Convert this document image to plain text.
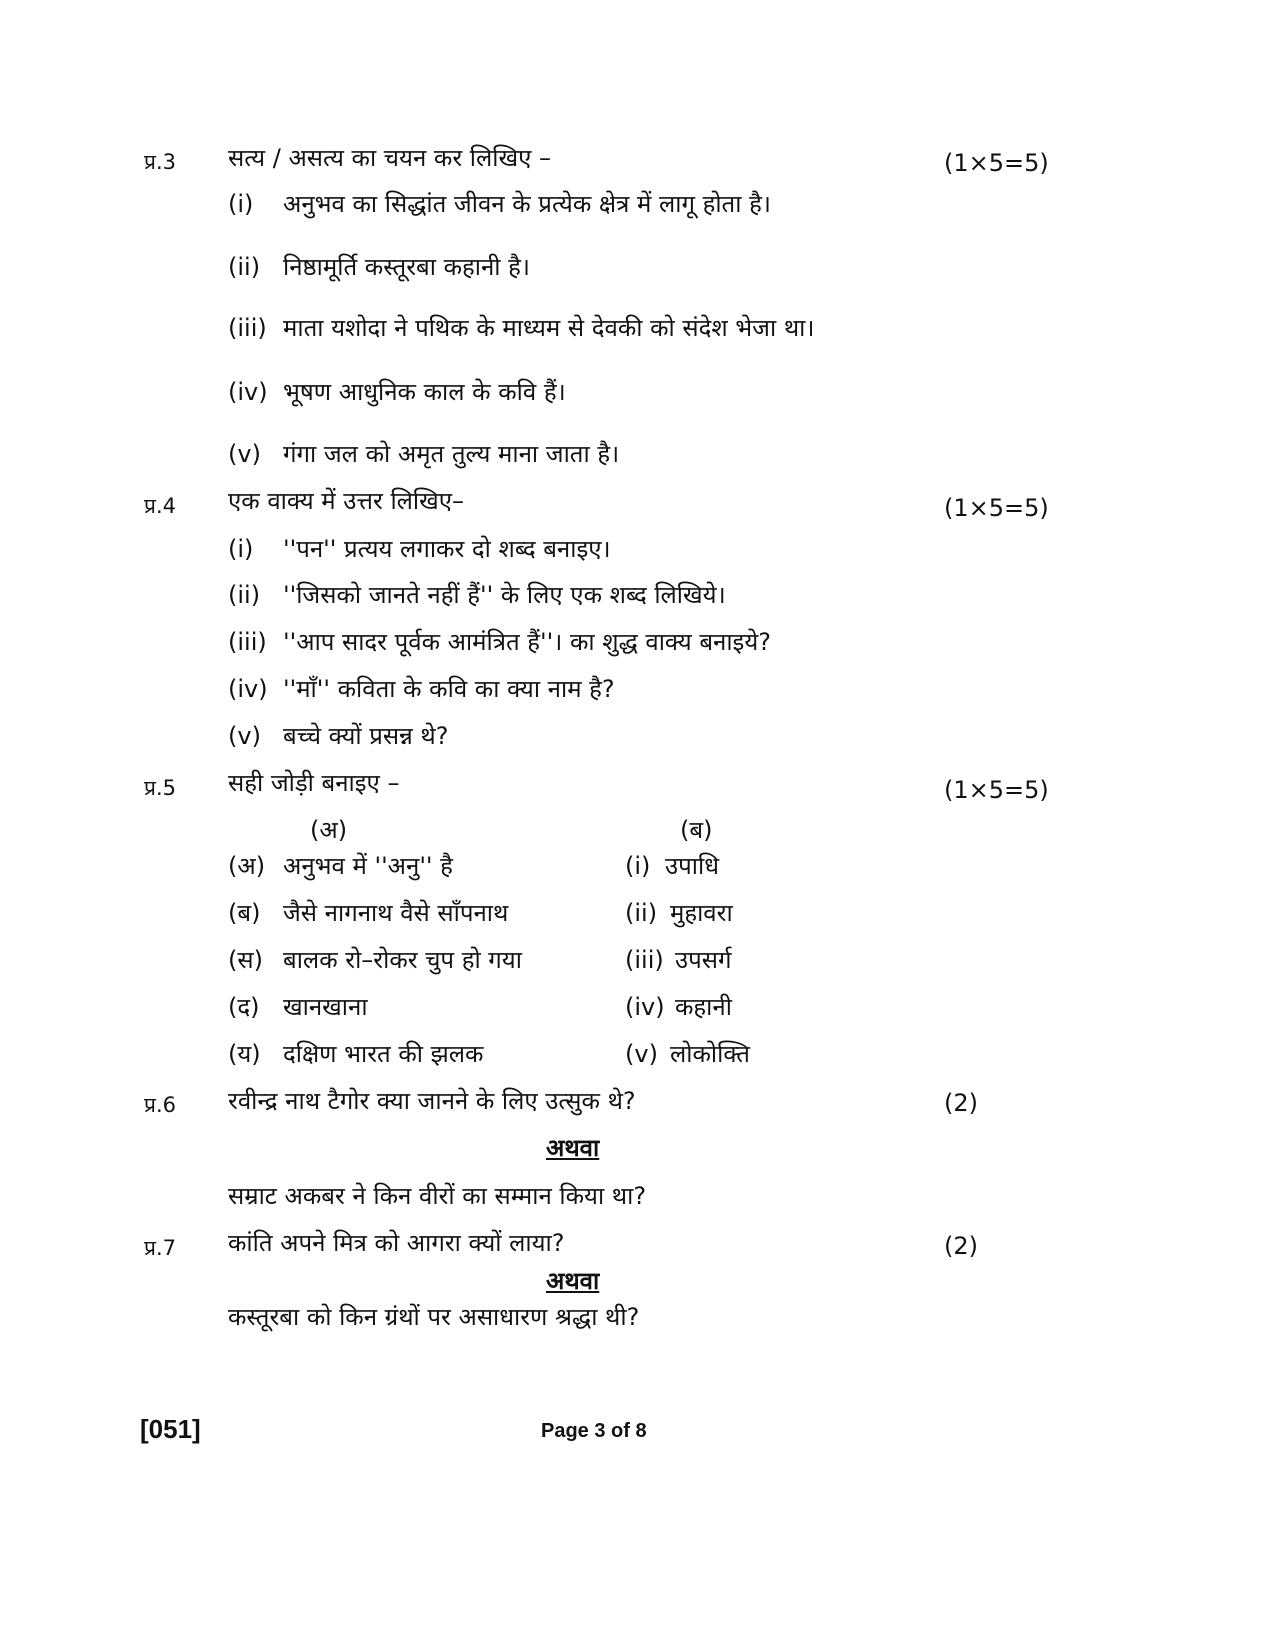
प्र.3 सत्य / असत्य का चयन कर लिखिए –	(1×5=5)
(i) अनुभव का सिद्धांत जीवन के प्रत्येक क्षेत्र में लागू होता है।
(ii) निष्ठामूर्ति कस्तूरबा कहानी है।
(iii) माता यशोदा ने पथिक के माध्यम से देवकी को संदेश भेजा था।
(iv) भूषण आधुनिक काल के कवि हैं।
(v) गंगा जल को अमृत तुल्य माना जाता है।
प्र.4 एक वाक्य में उत्तर लिखिए–	(1×5=5)
(i) ''पन'' प्रत्यय लगाकर दो शब्द बनाइए।
(ii) ''जिसको जानते नहीं हैं'' के लिए एक शब्द लिखिये।
(iii) ''आप सादर पूर्वक आमंत्रित हैं''। का शुद्ध वाक्य बनाइये?
(iv) ''माँ'' कविता के कवि का क्या नाम है?
(v) बच्चे क्यों प्रसन्न थे?
प्र.5 सही जोड़ी बनाइए –	(1×5=5)
(अ)	(ब)
(अ) अनुभव में ''अनु'' है	(i) उपाधि
(ब) जैसे नागनाथ वैसे साँपनाथ	(ii) मुहावरा
(स) बालक रो–रोकर चुप हो गया	(iii) उपसर्ग
(द) खानखाना	(iv) कहानी
(य) दक्षिण भारत की झलक	(v) लोकोक्ति
प्र.6 रवीन्द्र नाथ टैगोर क्या जानने के लिए उत्सुक थे?	(2)
अथवा
सम्राट अकबर ने किन वीरों का सम्मान किया था?
प्र.7 कांति अपने मित्र को आगरा क्यों लाया?	(2)
अथवा
कस्तूरबा को किन ग्रंथों पर असाधारण श्रद्धा थी?
[051]	Page 3 of 8
